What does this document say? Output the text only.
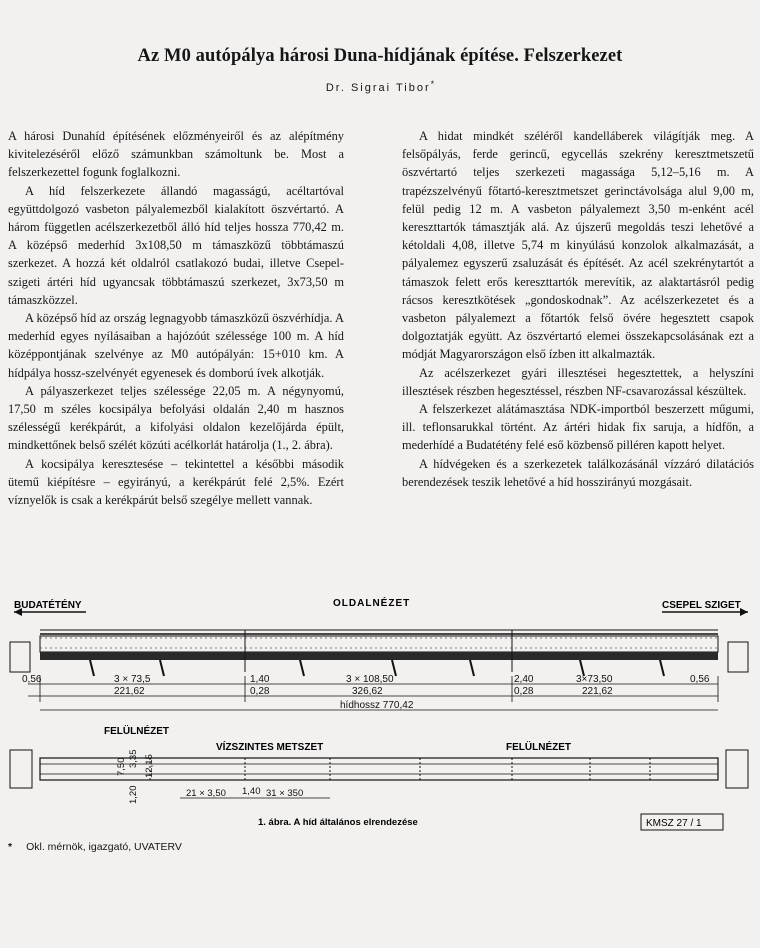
Az M0 autópálya hárosi Duna-hídjának építése. Felszerkezet
Dr. Sigrai Tibor*

A hárosi Dunahíd építésének előzményeiről és az alépítmény kivitelezéséről előző számunkban számoltunk be. Most a felszerkezettel fogunk foglalkozni.

A híd felszerkezete állandó magasságú, acéltartóval együttdolgozó vasbeton pályalemezből kialakított öszvértartó. A három független acélszerkezetből álló híd teljes hossza 770,42 m. A középső mederhíd 3x108,50 m támaszközű többtámaszú szerkezet. A hozzá két oldalról csatlakozó budai, illetve Csepel-szigeti ártéri híd ugyancsak többtámaszú szerkezet, 3x73,50 m támaszközzel.

A középső híd az ország legnagyobb támaszközű öszvérhídja. A mederhíd egyes nyílásaiban a hajózóút szélessége 100 m. A híd középpontjának szelvénye az M0 autópályán: 15+010 km. A hídpálya hossz-szelvényét egyenesek és domború ívek alkotják.

A pályaszerkezet teljes szélessége 22,05 m. A négynyomú, 17,50 m széles kocsipálya befolyási oldalán 2,40 m hasznos szélességű kerékpárút, a kifolyási oldalon kezelőjárda épült, mindkettőnek belső szélét közúti acélkorlát határolja (1., 2. ábra).

A kocsipálya keresztesése – tekintettel a későbbi második ütemű kiépítésre – egyirányú, a kerékpárút felé 2,5%. Ezért víznyelők is csak a kerékpárút belső szegélye mellett vannak.

A hidat mindkét széléről kandelláberek világítják meg. A felsőpályás, ferde gerincű, egycellás szekrény keresztmetszetű öszvértartó teljes szerkezeti magassága 5,12–5,16 m. A trapézszelvényű főtartó-keresztmetszet gerinctávolsága alul 9,00 m, felül pedig 12 m. A vasbeton pályalemezt 3,50 m-enként acél kereszttartók támasztják alá. Az újszerű megoldás teszi lehetővé a kétoldali 4,08, illetve 5,74 m kinyúlású konzolok alkalmazását, a pályalemez egyszerű zsaluzását és építését. Az acél szekrénytartót a támaszok felett erős kereszttartók merevítik, az alaktartásról pedig rácsos keresztkötések „gondoskodnak”. Az acélszerkezetet és a vasbeton pályalemezt a főtartók felső övére hegesztett csapok dolgoztatják együtt. Az öszvértartó elemei összekapcsolásának ezt a módját Magyarországon első ízben itt alkalmazták.

Az acélszerkezet gyári illesztései hegesztettek, a helyszíni illesztések részben hegesztéssel, részben NF-csavarozással készültek.

A felszerkezet alátámasztása NDK-importból beszerzett műgumi, ill. teflonsarukkal történt. Az ártéri hidak fix saruja, a hídfőn, a mederhídé a Budatétény felé eső közbenső pilléren kapott helyet.

A hídvégeken és a szerkezetek találkozásánál vízzáró dilatációs berendezések teszik lehetővé a híd hosszirányú mozgásait.

BUDATÉTÉNY	OLDALNÉZET	CSEPEL SZIGET
0,56	3 × 73,5
221,62
1,40
0,28
3 × 108,50
326,62
2,40
0,28
3×73,50
221,62
0,56
hídhossz 770,42
FELÜLNÉZET
VÍZSZINTES METSZET	FELÜLNÉZET
7,50 3,35 12,15
1,20	21 × 3,50 1,40 31 × 350
1. ábra. A híd általános elrendezése	KMSZ 27 / 1
* Okl. mérnök, igazgató, UVATERV
